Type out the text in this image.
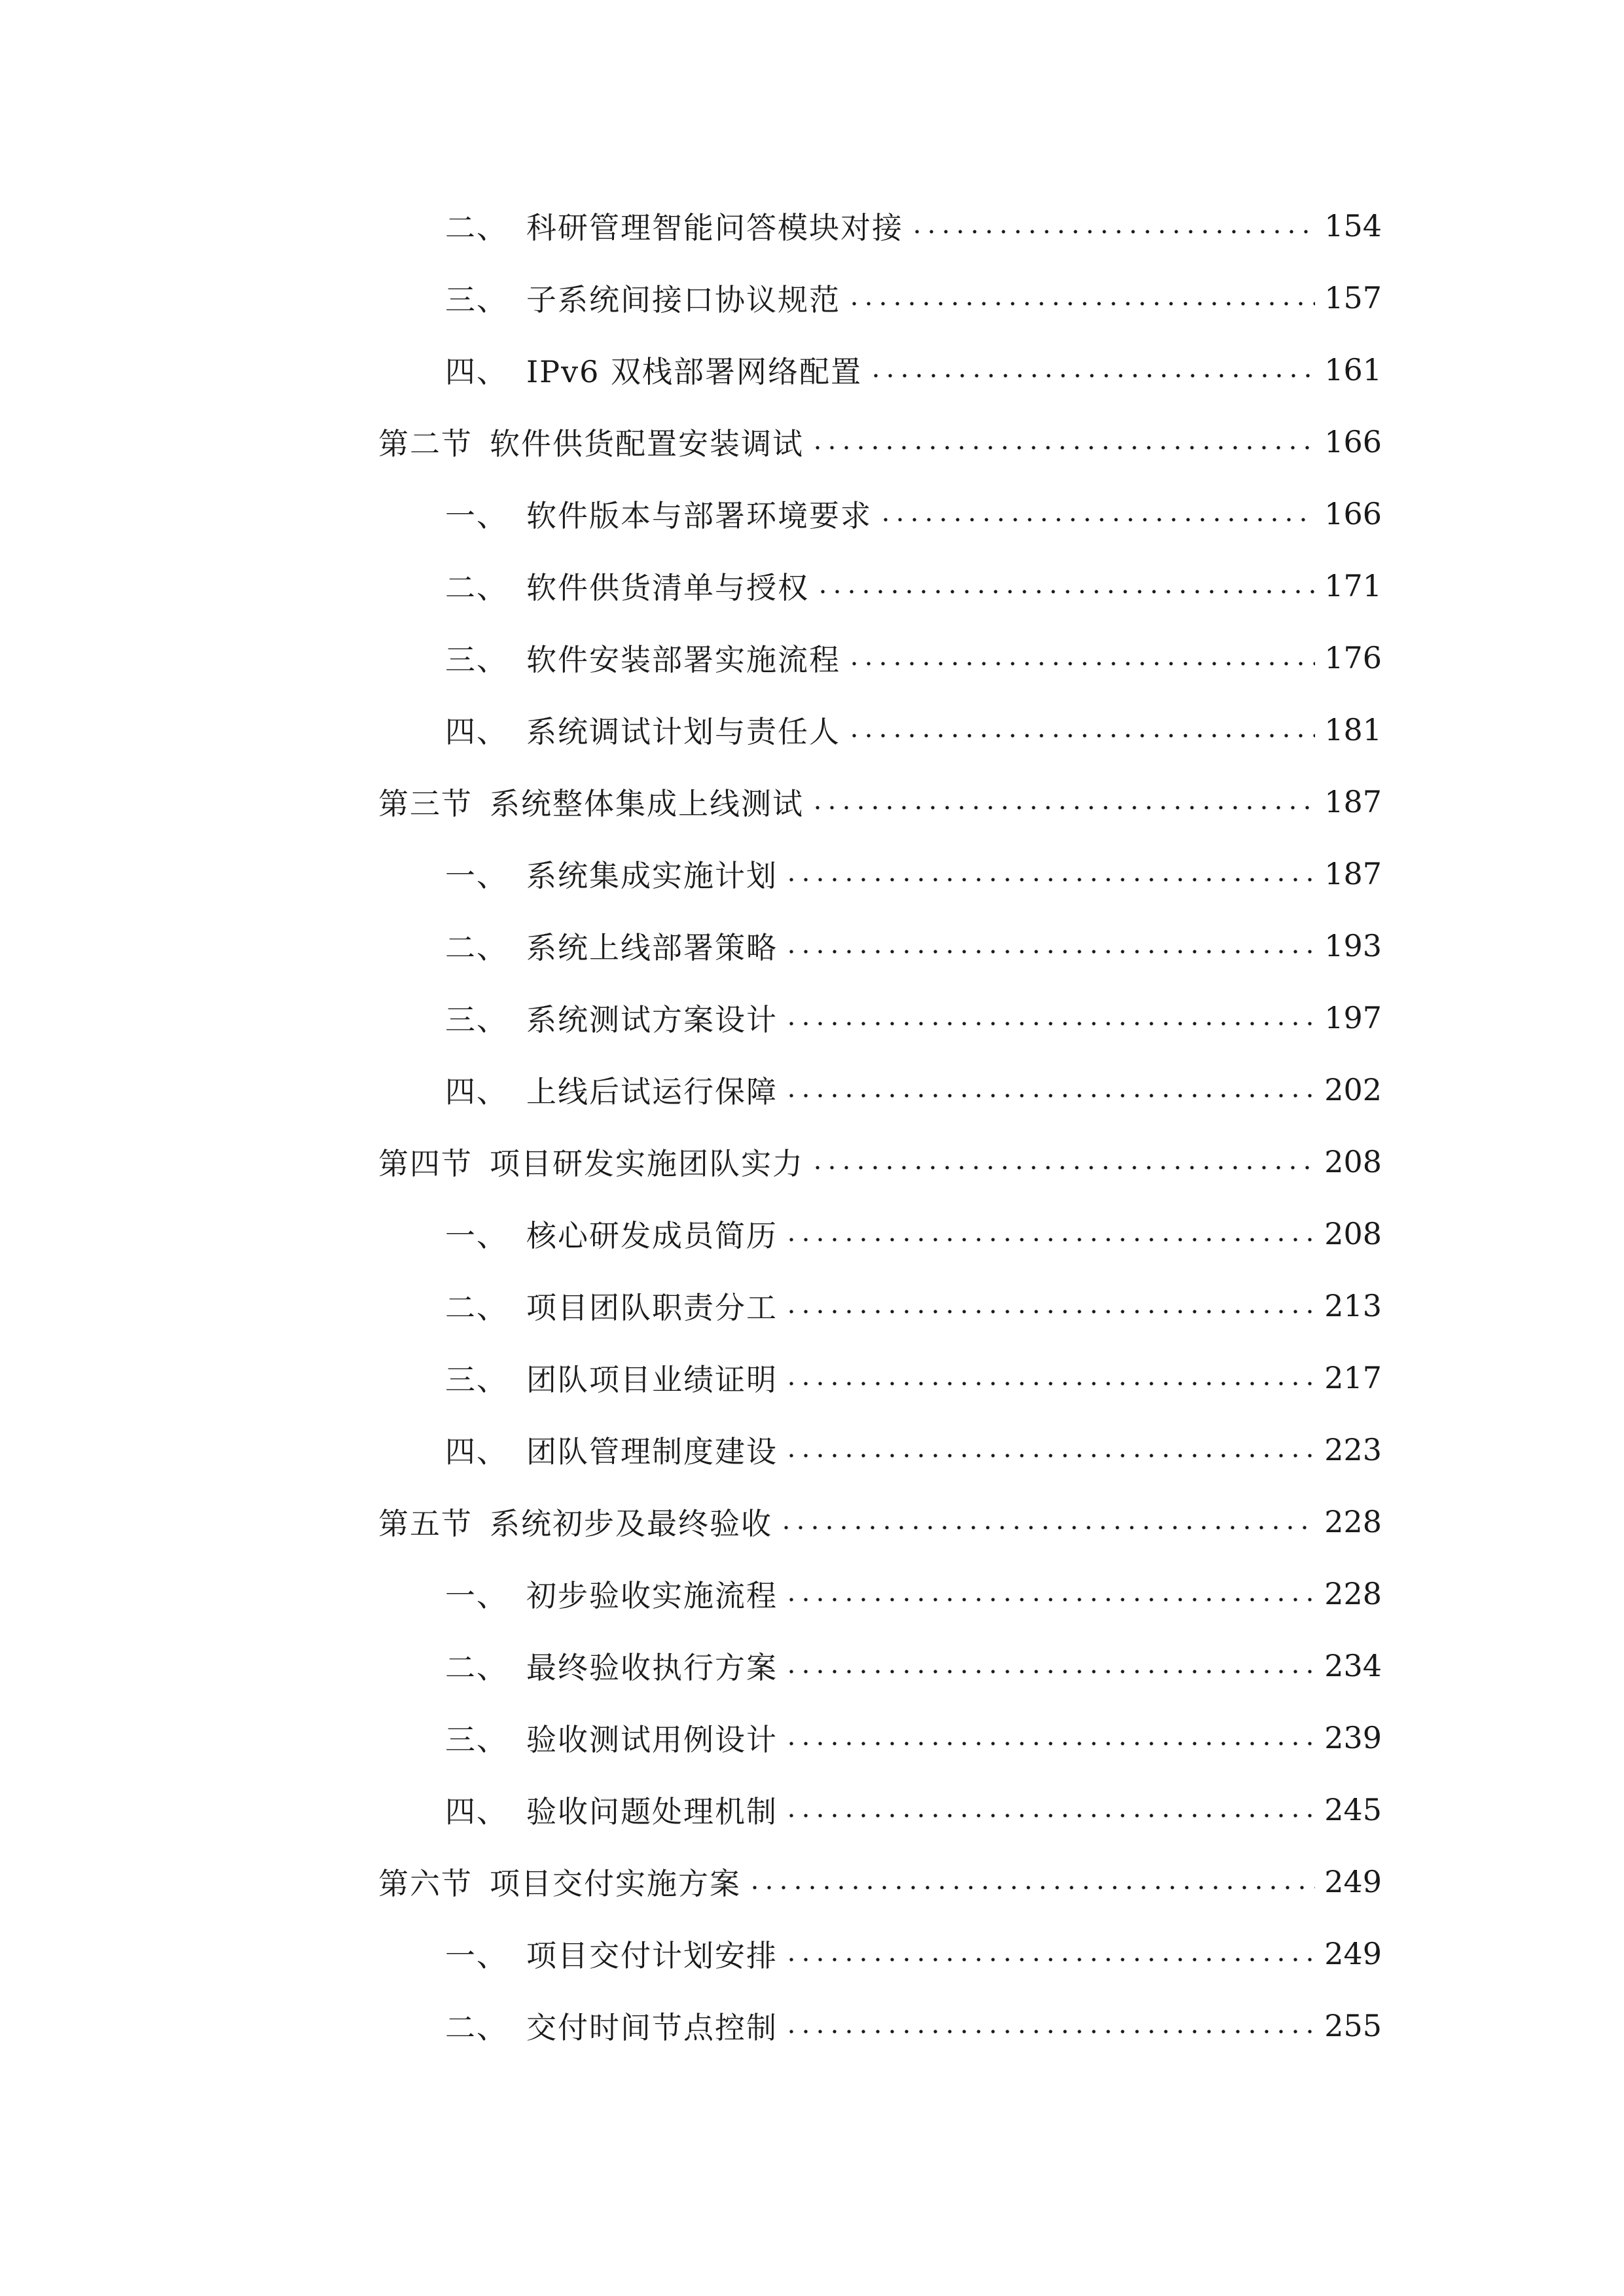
二、 科研管理智能问答模块对接	154
三、 子系统间接口协议规范	157
四、 IPv6 双栈部署网络配置	161
第二节 软件供货配置安装调试	166
一、 软件版本与部署环境要求	166
二、 软件供货清单与授权	171
三、 软件安装部署实施流程	176
四、 系统调试计划与责任人	181
第三节 系统整体集成上线测试	187
一、 系统集成实施计划	187
二、 系统上线部署策略	193
三、 系统测试方案设计	197
四、 上线后试运行保障	202
第四节 项目研发实施团队实力	208
一、 核心研发成员简历	208
二、 项目团队职责分工	213
三、 团队项目业绩证明	217
四、 团队管理制度建设	223
第五节 系统初步及最终验收	228
一、 初步验收实施流程	228
二、 最终验收执行方案	234
三、 验收测试用例设计	239
四、 验收问题处理机制	245
第六节 项目交付实施方案	249
一、 项目交付计划安排	249
二、 交付时间节点控制	255
